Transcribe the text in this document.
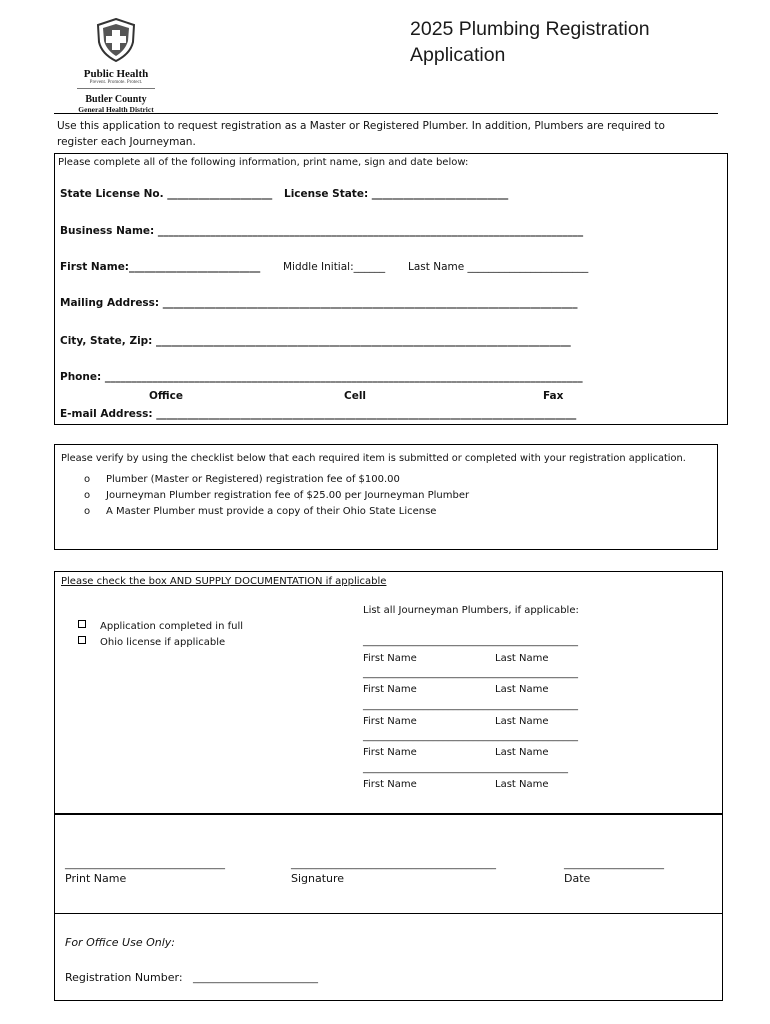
Public Health
Prevent. Promote. Protect.
Butler County
General Health District
2025 Plumbing Registration Application
Use this application to request registration as a Master or Registered Plumber. In addition, Plumbers are required to register each Journeyman.
Please complete all of the following information, print name, sign and date below:
State License No. ____________________ License State: __________________________
Business Name: _________________________________________________________________________________
First Name:_________________________ Middle Initial:______ Last Name _______________________
Mailing Address: _______________________________________________________________________________
City, State, Zip: _______________________________________________________________________________
Phone: ___________________________________________________________________________________________
Office	Cell	Fax
E-mail Address: ________________________________________________________________________________
Please verify by using the checklist below that each required item is submitted or completed with your registration application.
o Plumber (Master or Registered) registration fee of $100.00
o Journeyman Plumber registration fee of $25.00 per Journeyman Plumber
o A Master Plumber must provide a copy of their Ohio State License
Please check the box AND SUPPLY DOCUMENTATION if applicable
Application completed in full
Ohio license if applicable
List all Journeyman Plumbers, if applicable:
___________________________________________
First Name	Last Name
___________________________________________
First Name	Last Name
___________________________________________
First Name	Last Name
___________________________________________
First Name	Last Name
_________________________________________
First Name	Last Name
________________________________	_________________________________________	____________________
Print Name	Signature	Date
For Office Use Only:
Registration Number: _________________________
